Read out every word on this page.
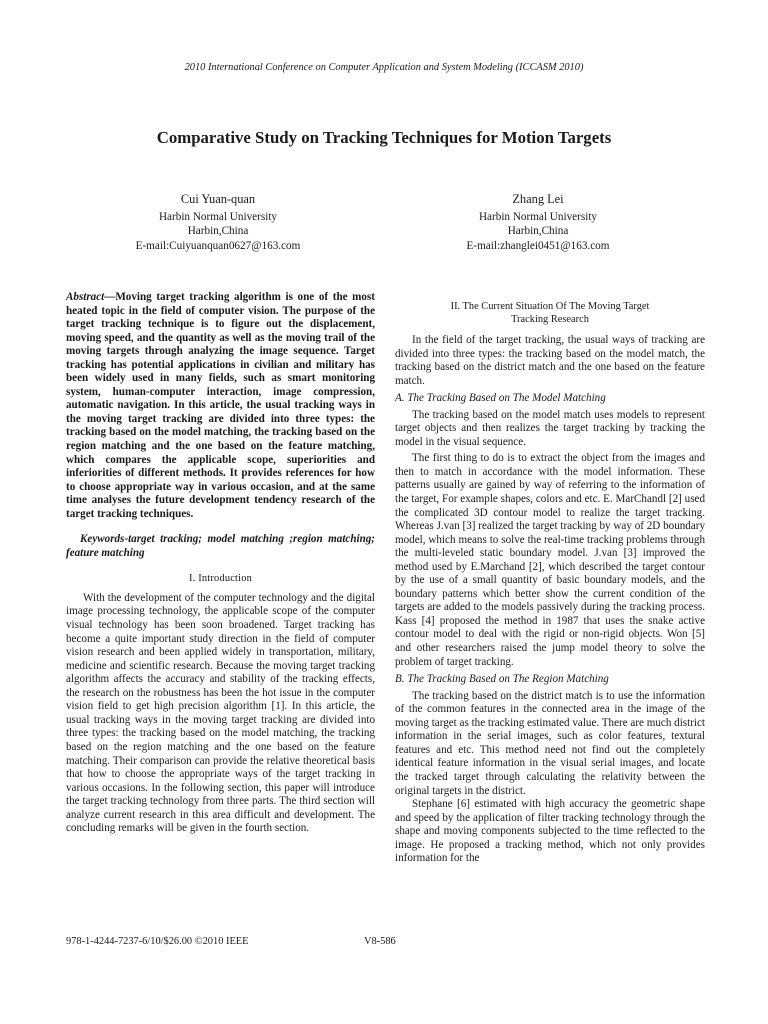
2010 International Conference on Computer Application and System Modeling (ICCASM 2010)
Comparative Study on Tracking Techniques for Motion Targets
Cui Yuan-quan
Harbin Normal University
Harbin,China
E-mail:Cuiyuanquan0627@163.com
Zhang Lei
Harbin Normal University
Harbin,China
E-mail:zhanglei0451@163.com

Abstract—Moving target tracking algorithm is one of the most heated topic in the field of computer vision. The purpose of the target tracking technique is to figure out the displacement, moving speed, and the quantity as well as the moving trail of the moving targets through analyzing the image sequence. Target tracking has potential applications in civilian and military has been widely used in many fields, such as smart monitoring system, human-computer interaction, image compression, automatic navigation. In this article, the usual tracking ways in the moving target tracking are divided into three types: the tracking based on the model matching, the tracking based on the region matching and the one based on the feature matching, which compares the applicable scope, superiorities and inferiorities of different methods. It provides references for how to choose appropriate way in various occasion, and at the same time analyses the future development tendency research of the target tracking techniques.

Keywords-target tracking; model matching ;region matching; feature matching

I. Introduction

With the development of the computer technology and the digital image processing technology, the applicable scope of the computer visual technology has been soon broadened. Target tracking has become a quite important study direction in the field of computer vision research and been applied widely in transportation, military, medicine and scientific research. Because the moving target tracking algorithm affects the accuracy and stability of the tracking effects, the research on the robustness has been the hot issue in the computer vision field to get high precision algorithm [1]. In this article, the usual tracking ways in the moving target tracking are divided into three types: the tracking based on the model matching, the tracking based on the region matching and the one based on the feature matching. Their comparison can provide the relative theoretical basis that how to choose the appropriate ways of the target tracking in various occasions. In the following section, this paper will introduce the target tracking technology from three parts. The third section will analyze current research in this area difficult and development. The concluding remarks will be given in the fourth section.

II. The Current Situation Of The Moving Target
Tracking Research

In the field of the target tracking, the usual ways of tracking are divided into three types: the tracking based on the model match, the tracking based on the district match and the one based on the feature match.

A. The Tracking Based on The Model Matching

The tracking based on the model match uses models to represent target objects and then realizes the target tracking by tracking the model in the visual sequence.

The first thing to do is to extract the object from the images and then to match in accordance with the model information. These patterns usually are gained by way of referring to the information of the target, For example shapes, colors and etc. E. MarChandl [2] used the complicated 3D contour model to realize the target tracking. Whereas J.van [3] realized the target tracking by way of 2D boundary model, which means to solve the real-time tracking problems through the multi-leveled static boundary model. J.van [3] improved the method used by E.Marchand [2], which described the target contour by the use of a small quantity of basic boundary models, and the boundary patterns which better show the current condition of the targets are added to the models passively during the tracking process. Kass [4] proposed the method in 1987 that uses the snake active contour model to deal with the rigid or non-rigid objects. Won [5] and other researchers raised the jump model theory to solve the problem of target tracking.

B. The Tracking Based on The Region Matching

The tracking based on the district match is to use the information of the common features in the connected area in the image of the moving target as the tracking estimated value. There are much district information in the serial images, such as color features, textural features and etc. This method need not find out the completely identical feature information in the visual serial images, and locate the tracked target through calculating the relativity between the original targets in the district.

Stephane [6] estimated with high accuracy the geometric shape and speed by the application of filter tracking technology through the shape and moving components subjected to the time reflected to the image. He proposed a tracking method, which not only provides information for the

978-1-4244-7237-6/10/$26.00 ©2010 IEEE	V8-586
